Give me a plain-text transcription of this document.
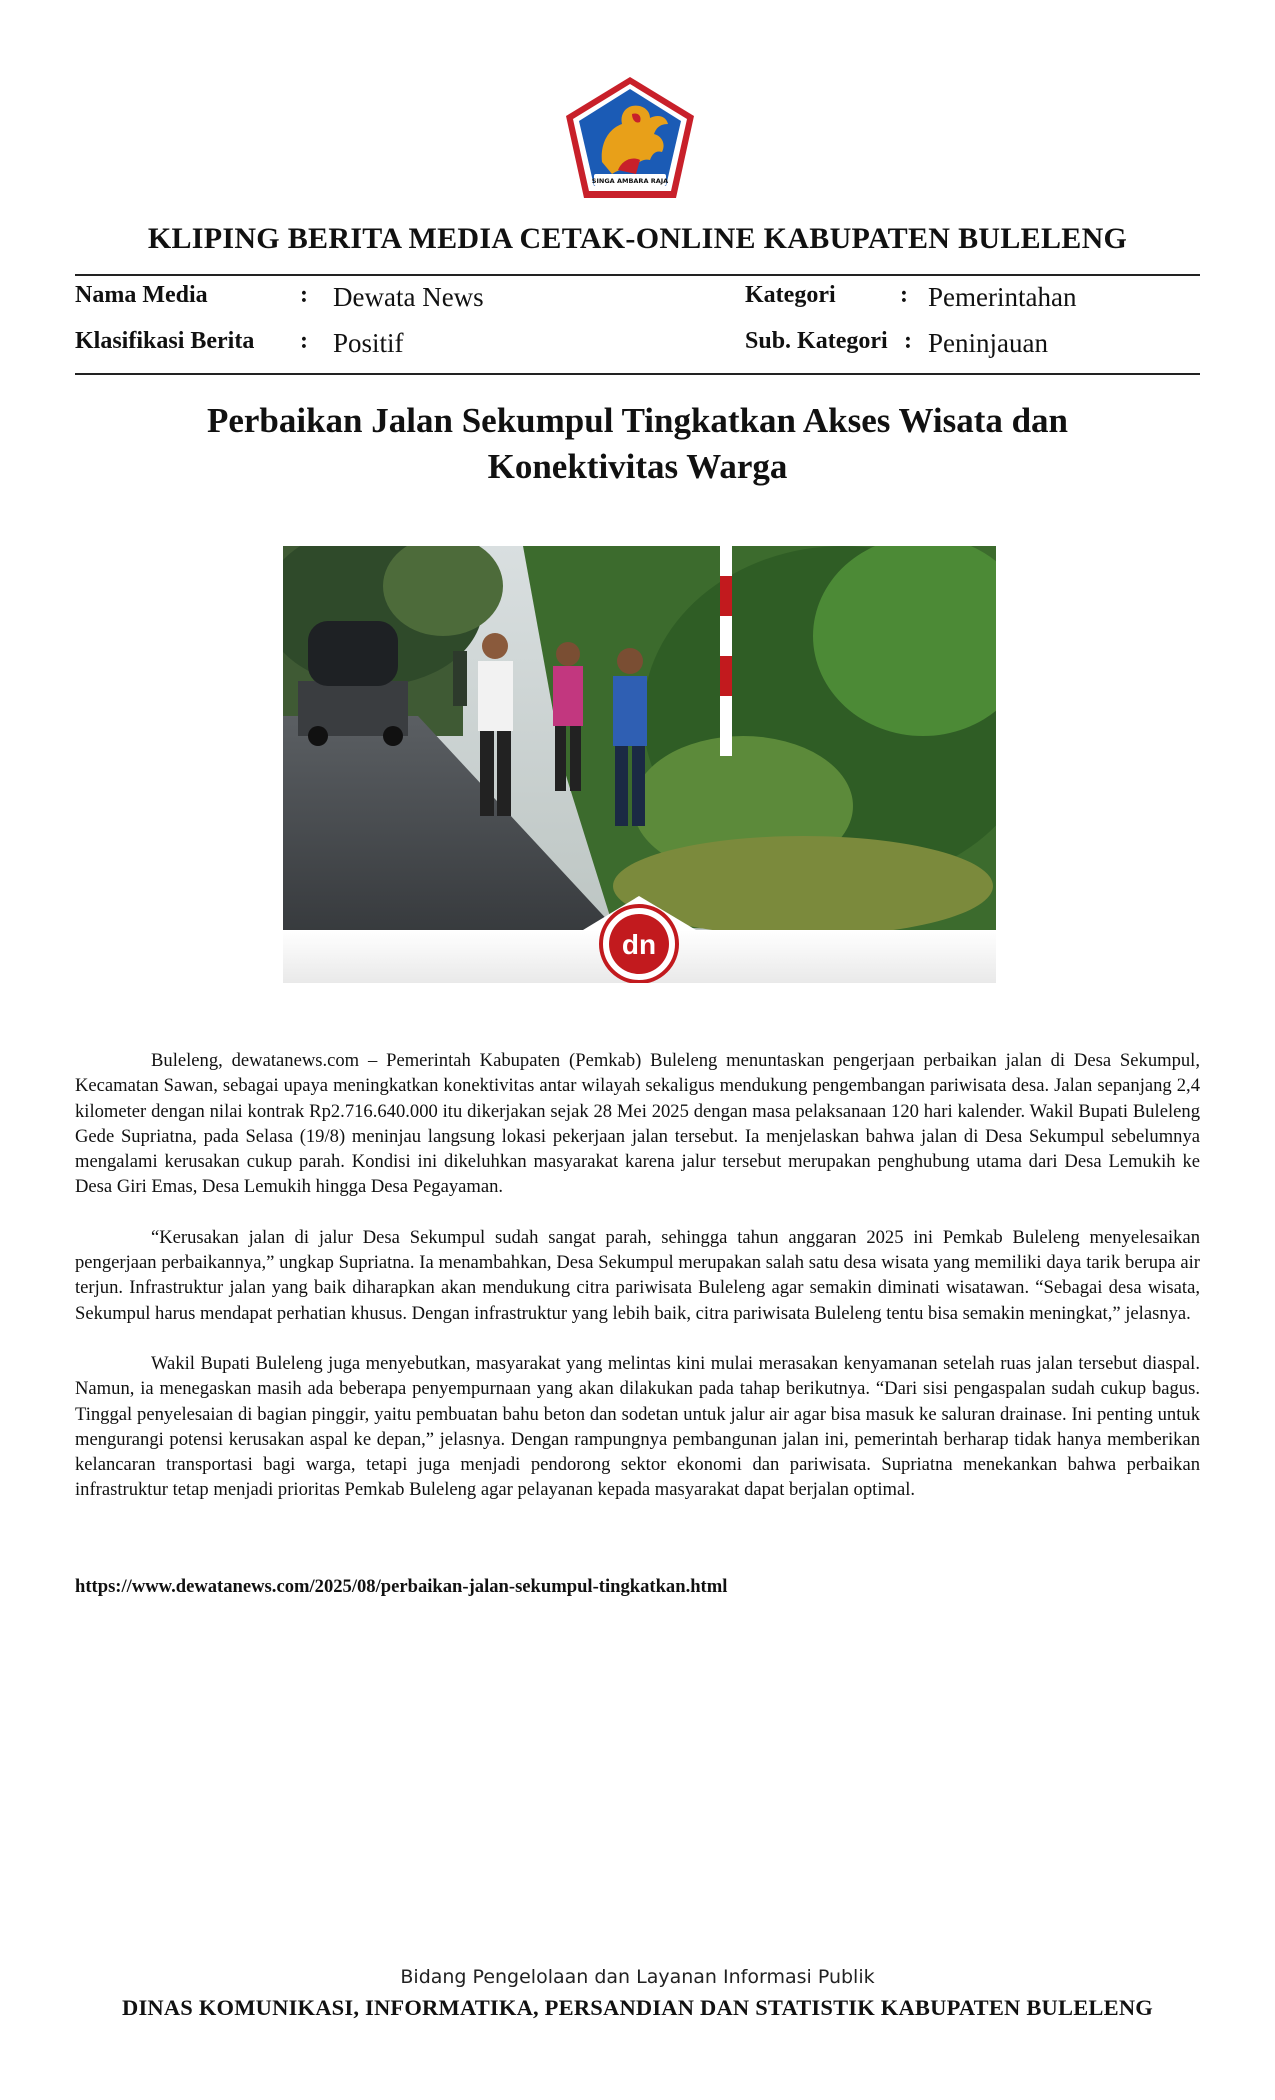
SINGA AMBARA RAJA
KLIPING BERITA MEDIA CETAK-ONLINE KABUPATEN BULELENG
Nama Media	: Dewata News
Klasifikasi Berita : Positif
Kategori	: Pemerintahan
Sub. Kategori : Peninjauan
Perbaikan Jalan Sekumpul Tingkatkan Akses Wisata dan Konektivitas Warga
dn

Buleleng, dewatanews.com – Pemerintah Kabupaten (Pemkab) Buleleng menuntaskan pengerjaan perbaikan jalan di Desa Sekumpul, Kecamatan Sawan, sebagai upaya meningkatkan konektivitas antar wilayah sekaligus mendukung pengembangan pariwisata desa. Jalan sepanjang 2,4 kilometer dengan nilai kontrak Rp2.716.640.000 itu dikerjakan sejak 28 Mei 2025 dengan masa pelaksanaan 120 hari kalender. Wakil Bupati Buleleng Gede Supriatna, pada Selasa (19/8) meninjau langsung lokasi pekerjaan jalan tersebut. Ia menjelaskan bahwa jalan di Desa Sekumpul sebelumnya mengalami kerusakan cukup parah. Kondisi ini dikeluhkan masyarakat karena jalur tersebut merupakan penghubung utama dari Desa Lemukih ke Desa Giri Emas, Desa Lemukih hingga Desa Pegayaman.

“Kerusakan jalan di jalur Desa Sekumpul sudah sangat parah, sehingga tahun anggaran 2025 ini Pemkab Buleleng menyelesaikan pengerjaan perbaikannya,” ungkap Supriatna. Ia menambahkan, Desa Sekumpul merupakan salah satu desa wisata yang memiliki daya tarik berupa air terjun. Infrastruktur jalan yang baik diharapkan akan mendukung citra pariwisata Buleleng agar semakin diminati wisatawan. “Sebagai desa wisata, Sekumpul harus mendapat perhatian khusus. Dengan infrastruktur yang lebih baik, citra pariwisata Buleleng tentu bisa semakin meningkat,” jelasnya.

Wakil Bupati Buleleng juga menyebutkan, masyarakat yang melintas kini mulai merasakan kenyamanan setelah ruas jalan tersebut diaspal. Namun, ia menegaskan masih ada beberapa penyempurnaan yang akan dilakukan pada tahap berikutnya. “Dari sisi pengaspalan sudah cukup bagus. Tinggal penyelesaian di bagian pinggir, yaitu pembuatan bahu beton dan sodetan untuk jalur air agar bisa masuk ke saluran drainase. Ini penting untuk mengurangi potensi kerusakan aspal ke depan,” jelasnya. Dengan rampungnya pembangunan jalan ini, pemerintah berharap tidak hanya memberikan kelancaran transportasi bagi warga, tetapi juga menjadi pendorong sektor ekonomi dan pariwisata. Supriatna menekankan bahwa perbaikan infrastruktur tetap menjadi prioritas Pemkab Buleleng agar pelayanan kepada masyarakat dapat berjalan optimal.

https://www.dewatanews.com/2025/08/perbaikan-jalan-sekumpul-tingkatkan.html
Bidang Pengelolaan dan Layanan Informasi Publik
DINAS KOMUNIKASI, INFORMATIKA, PERSANDIAN DAN STATISTIK KABUPATEN BULELENG
